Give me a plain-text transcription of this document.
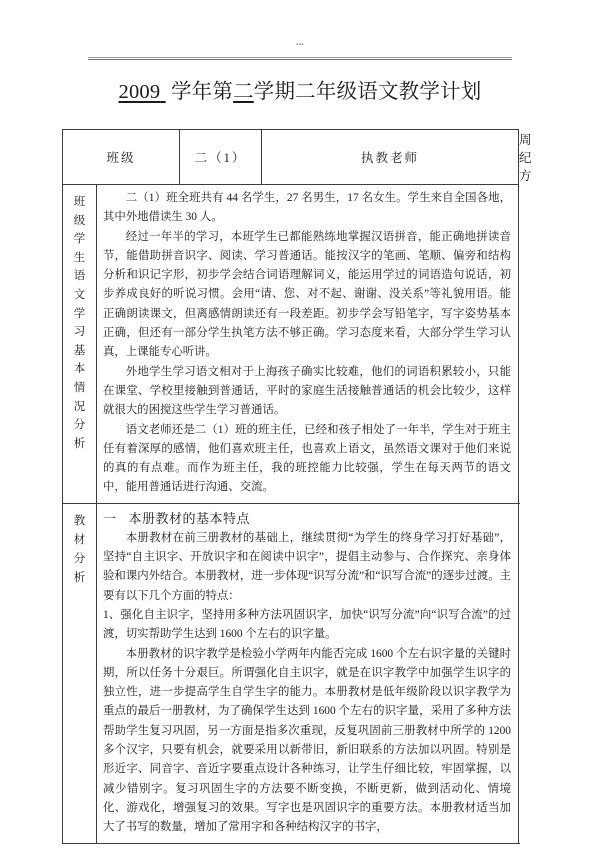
▪▪▪
2009  学年第二学期二年级语文教学计划
班级		二（1）	执教老师	周纪方

班级学生语文学习基本情况分析	二（1）班全班共有 44 名学生，27 名男生，17 名女生。学生来自全国各地，其中外地借读生 30 人。

经过一年半的学习，本班学生已都能熟练地掌握汉语拼音，能正确地拼读音节，能借助拼音识字、阅读、学习普通话。能按汉字的笔画、笔顺、偏旁和结构分析和识记字形，初步学会结合词语理解词义，能运用学过的词语造句说话，初步养成良好的听说习惯。会用“请、您、对不起、谢谢、没关系”等礼貌用语。能正确朗读课文，但离感情朗读还有一段差距。初步学会写铅笔字，写字姿势基本正确，但还有一部分学生执笔方法不够正确。学习态度来看，大部分学生学习认真，上课能专心听讲。

外地学生学习语文相对于上海孩子确实比较难，他们的词语积累较小，只能在课堂、学校里接触到普通话，平时的家庭生活接触普通话的机会比较少，这样就很大的困搅这些学生学习普通话。

语文老师还是二（1）班的班主任，已经和孩子相处了一年半，学生对于班主任有着深厚的感情，他们喜欢班主任，也喜欢上语文，虽然语文课对于他们来说的真的有点难。而作为班主任，我的班控能力比较强，学生在每天两节的语文中，能用普通话进行沟通、交流。			

教材分析	一 本册教材的基本特点

本册教材在前三册教材的基础上，继续贯彻“为学生的终身学习打好基础”，坚持“自主识字、开放识字和在阅读中识字”，提倡主动参与、合作探究、亲身体验和课内外结合。本册教材，进一步体现“识写分流”和“识写合流”的逐步过渡。主要有以下几个方面的特点：

1、强化自主识字，坚持用多种方法巩固识字，加快“识写分流”向“识写合流”的过渡，切实帮助学生达到 1600 个左右的识字量。

本册教材的识字教学是检验小学两年内能否完成 1600 个左右识字量的关键时期，所以任务十分艰巨。所谓强化自主识字，就是在识字教学中加强学生识字的独立性，进一步提高学生自学生字的能力。本册教材是低年级阶段以识字教学为重点的最后一册教材，为了确保学生达到 1600 个左右的识字量，采用了多种方法帮助学生复习巩固，另一方面是指多次重现，反复巩固前三册教材中所学的 1200 多个汉字，只要有机会，就要采用以新带旧，新旧联系的方法加以巩固。特别是形近字、同音字、音近字要重点设计各种练习，让学生仔细比较，牢固掌握，以减少错别字。复习巩固生字的方法要不断变换，不断更新，做到活动化、情境化、游戏化，增强复习的效果。写字也是巩固识字的重要方法。本册教材适当加大了书写的数量，增加了常用字和各种结构汉字的书字，			
